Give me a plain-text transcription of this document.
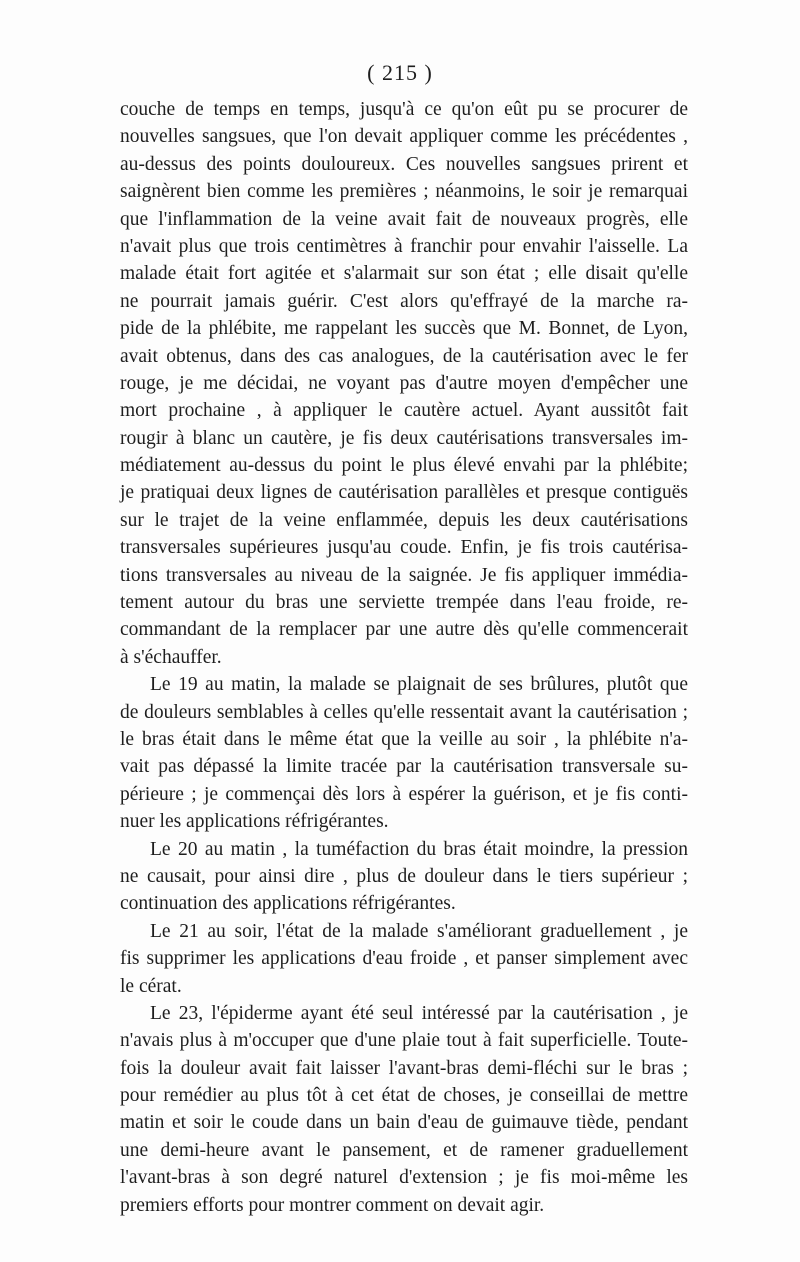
( 215 )
couche de temps en temps, jusqu'à ce qu'on eût pu se procurer de
nouvelles sangsues, que l'on devait appliquer comme les précédentes ,
au-dessus des points douloureux. Ces nouvelles sangsues prirent et
saignèrent bien comme les premières ; néanmoins, le soir je remarquai
que l'inflammation de la veine avait fait de nouveaux progrès, elle
n'avait plus que trois centimètres à franchir pour envahir l'aisselle. La
malade était fort agitée et s'alarmait sur son état ; elle disait qu'elle
ne pourrait jamais guérir. C'est alors qu'effrayé de la marche ra-
pide de la phlébite, me rappelant les succès que M. Bonnet, de Lyon,
avait obtenus, dans des cas analogues, de la cautérisation avec le fer
rouge, je me décidai, ne voyant pas d'autre moyen d'empêcher une
mort prochaine , à appliquer le cautère actuel. Ayant aussitôt fait
rougir à blanc un cautère, je fis deux cautérisations transversales im-
médiatement au-dessus du point le plus élevé envahi par la phlébite;
je pratiquai deux lignes de cautérisation parallèles et presque contiguës
sur le trajet de la veine enflammée, depuis les deux cautérisations
transversales supérieures jusqu'au coude. Enfin, je fis trois cautérisa-
tions transversales au niveau de la saignée. Je fis appliquer immédia-
tement autour du bras une serviette trempée dans l'eau froide, re-
commandant de la remplacer par une autre dès qu'elle commencerait
à s'échauffer.
Le 19 au matin, la malade se plaignait de ses brûlures, plutôt que
de douleurs semblables à celles qu'elle ressentait avant la cautérisation ;
le bras était dans le même état que la veille au soir , la phlébite n'a-
vait pas dépassé la limite tracée par la cautérisation transversale su-
périeure ; je commençai dès lors à espérer la guérison, et je fis conti-
nuer les applications réfrigérantes.
Le 20 au matin , la tuméfaction du bras était moindre, la pression
ne causait, pour ainsi dire , plus de douleur dans le tiers supérieur ;
continuation des applications réfrigérantes.
Le 21 au soir, l'état de la malade s'améliorant graduellement , je
fis supprimer les applications d'eau froide , et panser simplement avec
le cérat.
Le 23, l'épiderme ayant été seul intéressé par la cautérisation , je
n'avais plus à m'occuper que d'une plaie tout à fait superficielle. Toute-
fois la douleur avait fait laisser l'avant-bras demi-fléchi sur le bras ;
pour remédier au plus tôt à cet état de choses, je conseillai de mettre
matin et soir le coude dans un bain d'eau de guimauve tiède, pendant
une demi-heure avant le pansement, et de ramener graduellement
l'avant-bras à son degré naturel d'extension ; je fis moi-même les
premiers efforts pour montrer comment on devait agir.
